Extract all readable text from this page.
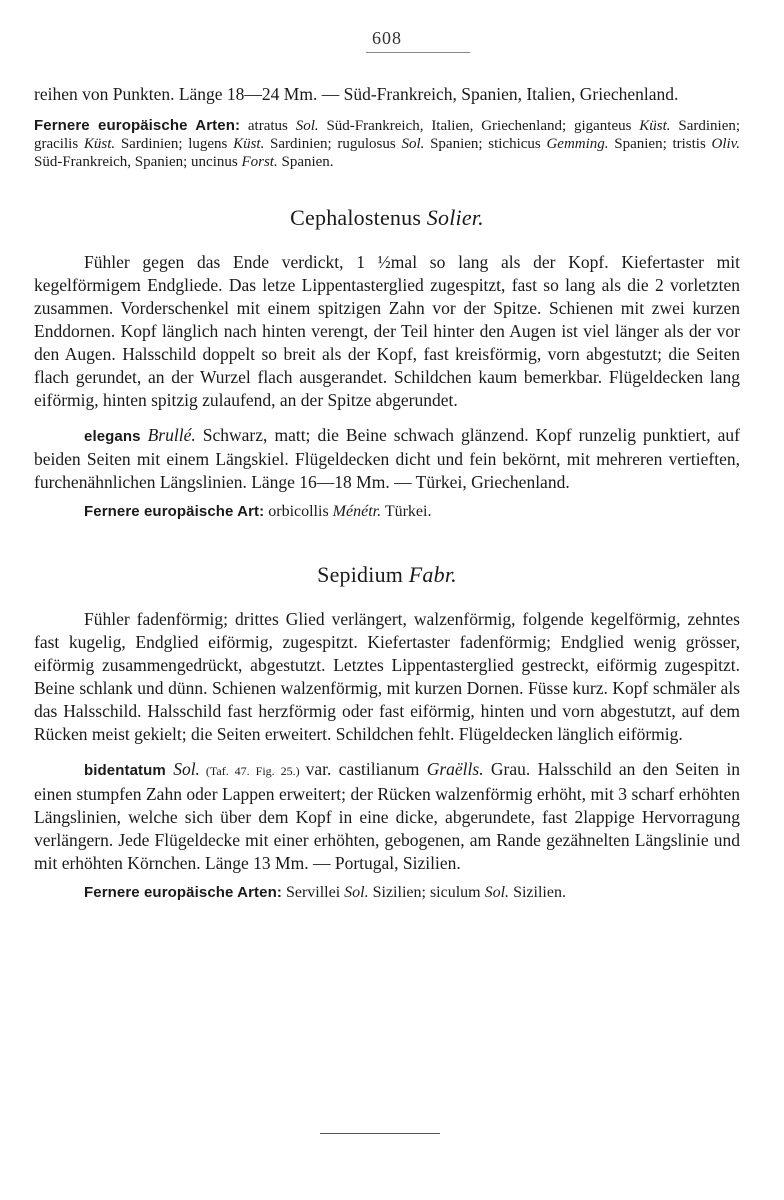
608

reihen von Punkten. Länge 18—24 Mm. — Süd-Frankreich, Spanien, Italien, Griechenland.

Fernere europäische Arten: atratus Sol. Süd-Frankreich, Italien, Griechenland; giganteus Küst. Sardinien; gracilis Küst. Sardinien; lugens Küst. Sardinien; rugulosus Sol. Spanien; stichicus Gemming. Spanien; tristis Oliv. Süd-Frankreich, Spanien; uncinus Forst. Spanien.

Cephalostenus Solier.

Fühler gegen das Ende verdickt, 1 ½mal so lang als der Kopf. Kiefertaster mit kegelförmigem Endgliede. Das letze Lippentasterglied zugespitzt, fast so lang als die 2 vorletzten zusammen. Vorderschenkel mit einem spitzigen Zahn vor der Spitze. Schienen mit zwei kurzen Enddornen. Kopf länglich nach hinten verengt, der Teil hinter den Augen ist viel länger als der vor den Augen. Halsschild doppelt so breit als der Kopf, fast kreisförmig, vorn abgestutzt; die Seiten flach gerundet, an der Wurzel flach ausgerandet. Schildchen kaum bemerkbar. Flügeldecken lang eiförmig, hinten spitzig zulaufend, an der Spitze abgerundet.

elegans Brullé. Schwarz, matt; die Beine schwach glänzend. Kopf runzelig punktiert, auf beiden Seiten mit einem Längskiel. Flügeldecken dicht und fein bekörnt, mit mehreren vertieften, furchenähnlichen Längslinien. Länge 16—18 Mm. — Türkei, Griechenland.

Fernere europäische Art: orbicollis Ménétr. Türkei.

Sepidium Fabr.

Fühler fadenförmig; drittes Glied verlängert, walzenförmig, folgende kegelförmig, zehntes fast kugelig, Endglied eiförmig, zugespitzt. Kiefertaster fadenförmig; Endglied wenig grösser, eiförmig zusammengedrückt, abgestutzt. Letztes Lippentasterglied gestreckt, eiförmig zugespitzt. Beine schlank und dünn. Schienen walzenförmig, mit kurzen Dornen. Füsse kurz. Kopf schmäler als das Halsschild. Halsschild fast herzförmig oder fast eiförmig, hinten und vorn abgestutzt, auf dem Rücken meist gekielt; die Seiten erweitert. Schildchen fehlt. Flügeldecken länglich eiförmig.

bidentatum Sol. (Taf. 47. Fig. 25.) var. castilianum Graëlls. Grau. Halsschild an den Seiten in einen stumpfen Zahn oder Lappen erweitert; der Rücken walzenförmig erhöht, mit 3 scharf erhöhten Längslinien, welche sich über dem Kopf in eine dicke, abgerundete, fast 2lappige Hervorragung verlängern. Jede Flügeldecke mit einer erhöhten, gebogenen, am Rande gezähnelten Längslinie und mit erhöhten Körnchen. Länge 13 Mm. — Portugal, Sizilien.

Fernere europäische Arten: Servillei Sol. Sizilien; siculum Sol. Sizilien.
